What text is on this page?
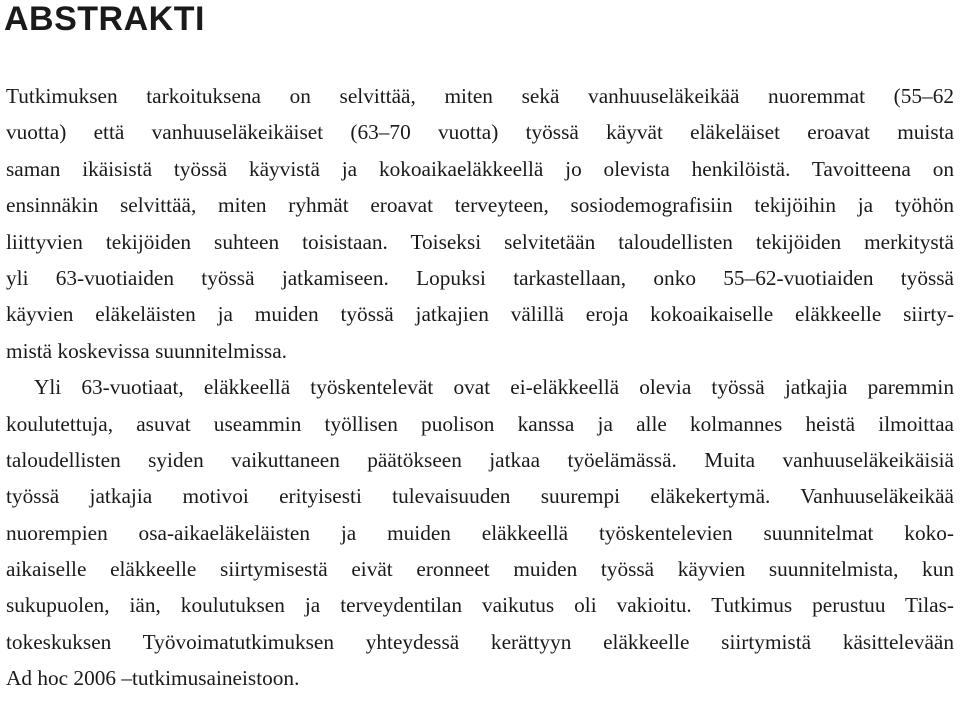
ABSTRAKTI
Tutkimuksen tarkoituksena on selvittää, miten sekä vanhuuseläkeikää nuoremmat (55–62
vuotta) että vanhuuseläkeikäiset (63–70 vuotta) työssä käyvät eläkeläiset eroavat muista
saman ikäisistä työssä käyvistä ja kokoaikaeläkkeellä jo olevista henkilöistä. Tavoitteena on
ensinnäkin selvittää, miten ryhmät eroavat terveyteen, sosiodemografisiin tekijöihin ja työhön
liittyvien tekijöiden suhteen toisistaan. Toiseksi selvitetään taloudellisten tekijöiden merkitystä
yli 63-vuotiaiden työssä jatkamiseen. Lopuksi tarkastellaan, onko 55–62-vuotiaiden työssä
käyvien eläkeläisten ja muiden työssä jatkajien välillä eroja kokoaikaiselle eläkkeelle siirty-
mistä koskevissa suunnitelmissa.
Yli 63-vuotiaat, eläkkeellä työskentelevät ovat ei-eläkkeellä olevia työssä jatkajia paremmin
koulutettuja, asuvat useammin työllisen puolison kanssa ja alle kolmannes heistä ilmoittaa
taloudellisten syiden vaikuttaneen päätökseen jatkaa työelämässä. Muita vanhuuseläkeikäisiä
työssä jatkajia motivoi erityisesti tulevaisuuden suurempi eläkekertymä. Vanhuuseläkeikää
nuorempien osa-aikaeläkeläisten ja muiden eläkkeellä työskentelevien suunnitelmat koko-
aikaiselle eläkkeelle siirtymisestä eivät eronneet muiden työssä käyvien suunnitelmista, kun
sukupuolen, iän, koulutuksen ja terveydentilan vaikutus oli vakioitu. Tutkimus perustuu Tilas-
tokeskuksen Työvoimatutkimuksen yhteydessä kerättyyn eläkkeelle siirtymistä käsittelevään
Ad hoc 2006 –tutkimusaineistoon.
